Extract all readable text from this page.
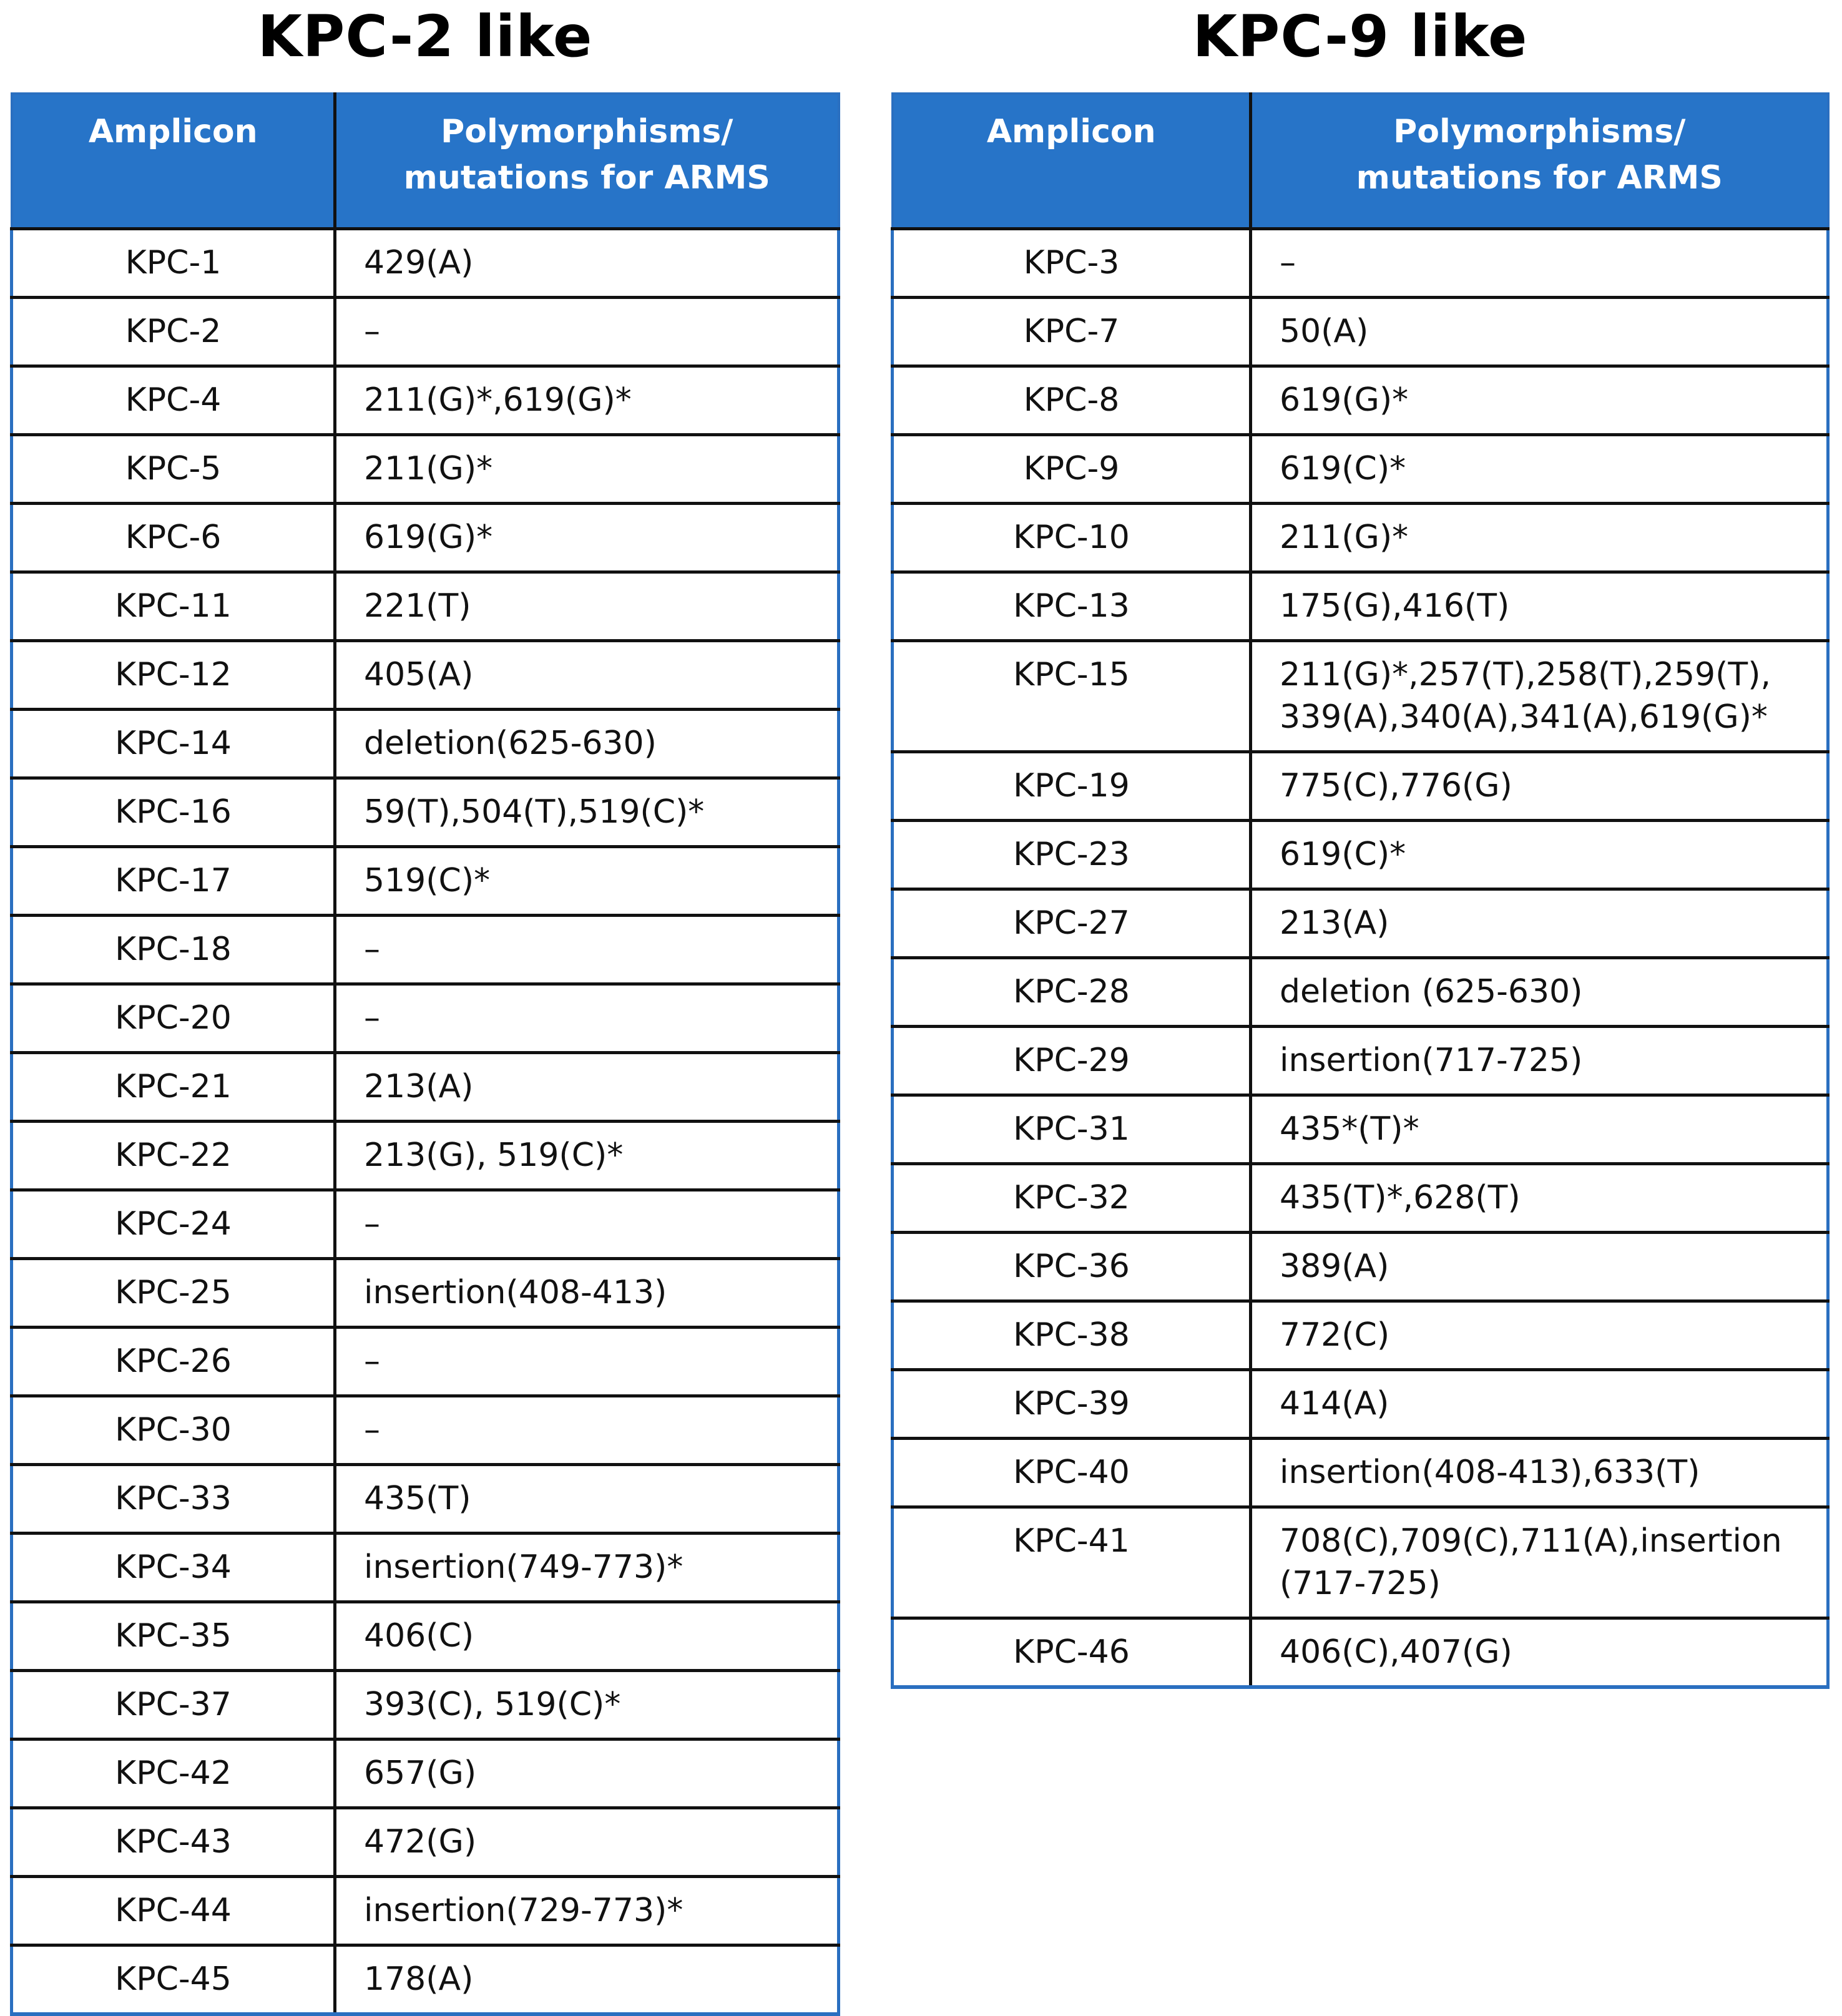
KPC-2 like
Amplicon	Polymorphisms/
mutations for ARMS
KPC-1	429(A)
KPC-2	–
KPC-4	211(G)*,619(G)*
KPC-5	211(G)*
KPC-6	619(G)*
KPC-11	221(T)
KPC-12	405(A)
KPC-14	deletion(625-630)
KPC-16	59(T),504(T),519(C)*
KPC-17	519(C)*
KPC-18	–
KPC-20	–
KPC-21	213(A)
KPC-22	213(G), 519(C)*
KPC-24	–
KPC-25	insertion(408-413)
KPC-26	–
KPC-30	–
KPC-33	435(T)
KPC-34	insertion(749-773)*
KPC-35	406(C)
KPC-37	393(C), 519(C)*
KPC-42	657(G)
KPC-43	472(G)
KPC-44	insertion(729-773)*
KPC-45	178(A)
KPC-9 like
Amplicon	Polymorphisms/
mutations for ARMS
KPC-3	–
KPC-7	50(A)
KPC-8	619(G)*
KPC-9	619(C)*
KPC-10	211(G)*
KPC-13	175(G),416(T)
KPC-15	211(G)*,257(T),258(T),259(T),
339(A),340(A),341(A),619(G)*
KPC-19	775(C),776(G)
KPC-23	619(C)*
KPC-27	213(A)
KPC-28	deletion (625-630)
KPC-29	insertion(717-725)
KPC-31	435*(T)*
KPC-32	435(T)*,628(T)
KPC-36	389(A)
KPC-38	772(C)
KPC-39	414(A)
KPC-40	insertion(408-413),633(T)
KPC-41	708(C),709(C),711(A),insertion
(717-725)
KPC-46	406(C),407(G)
